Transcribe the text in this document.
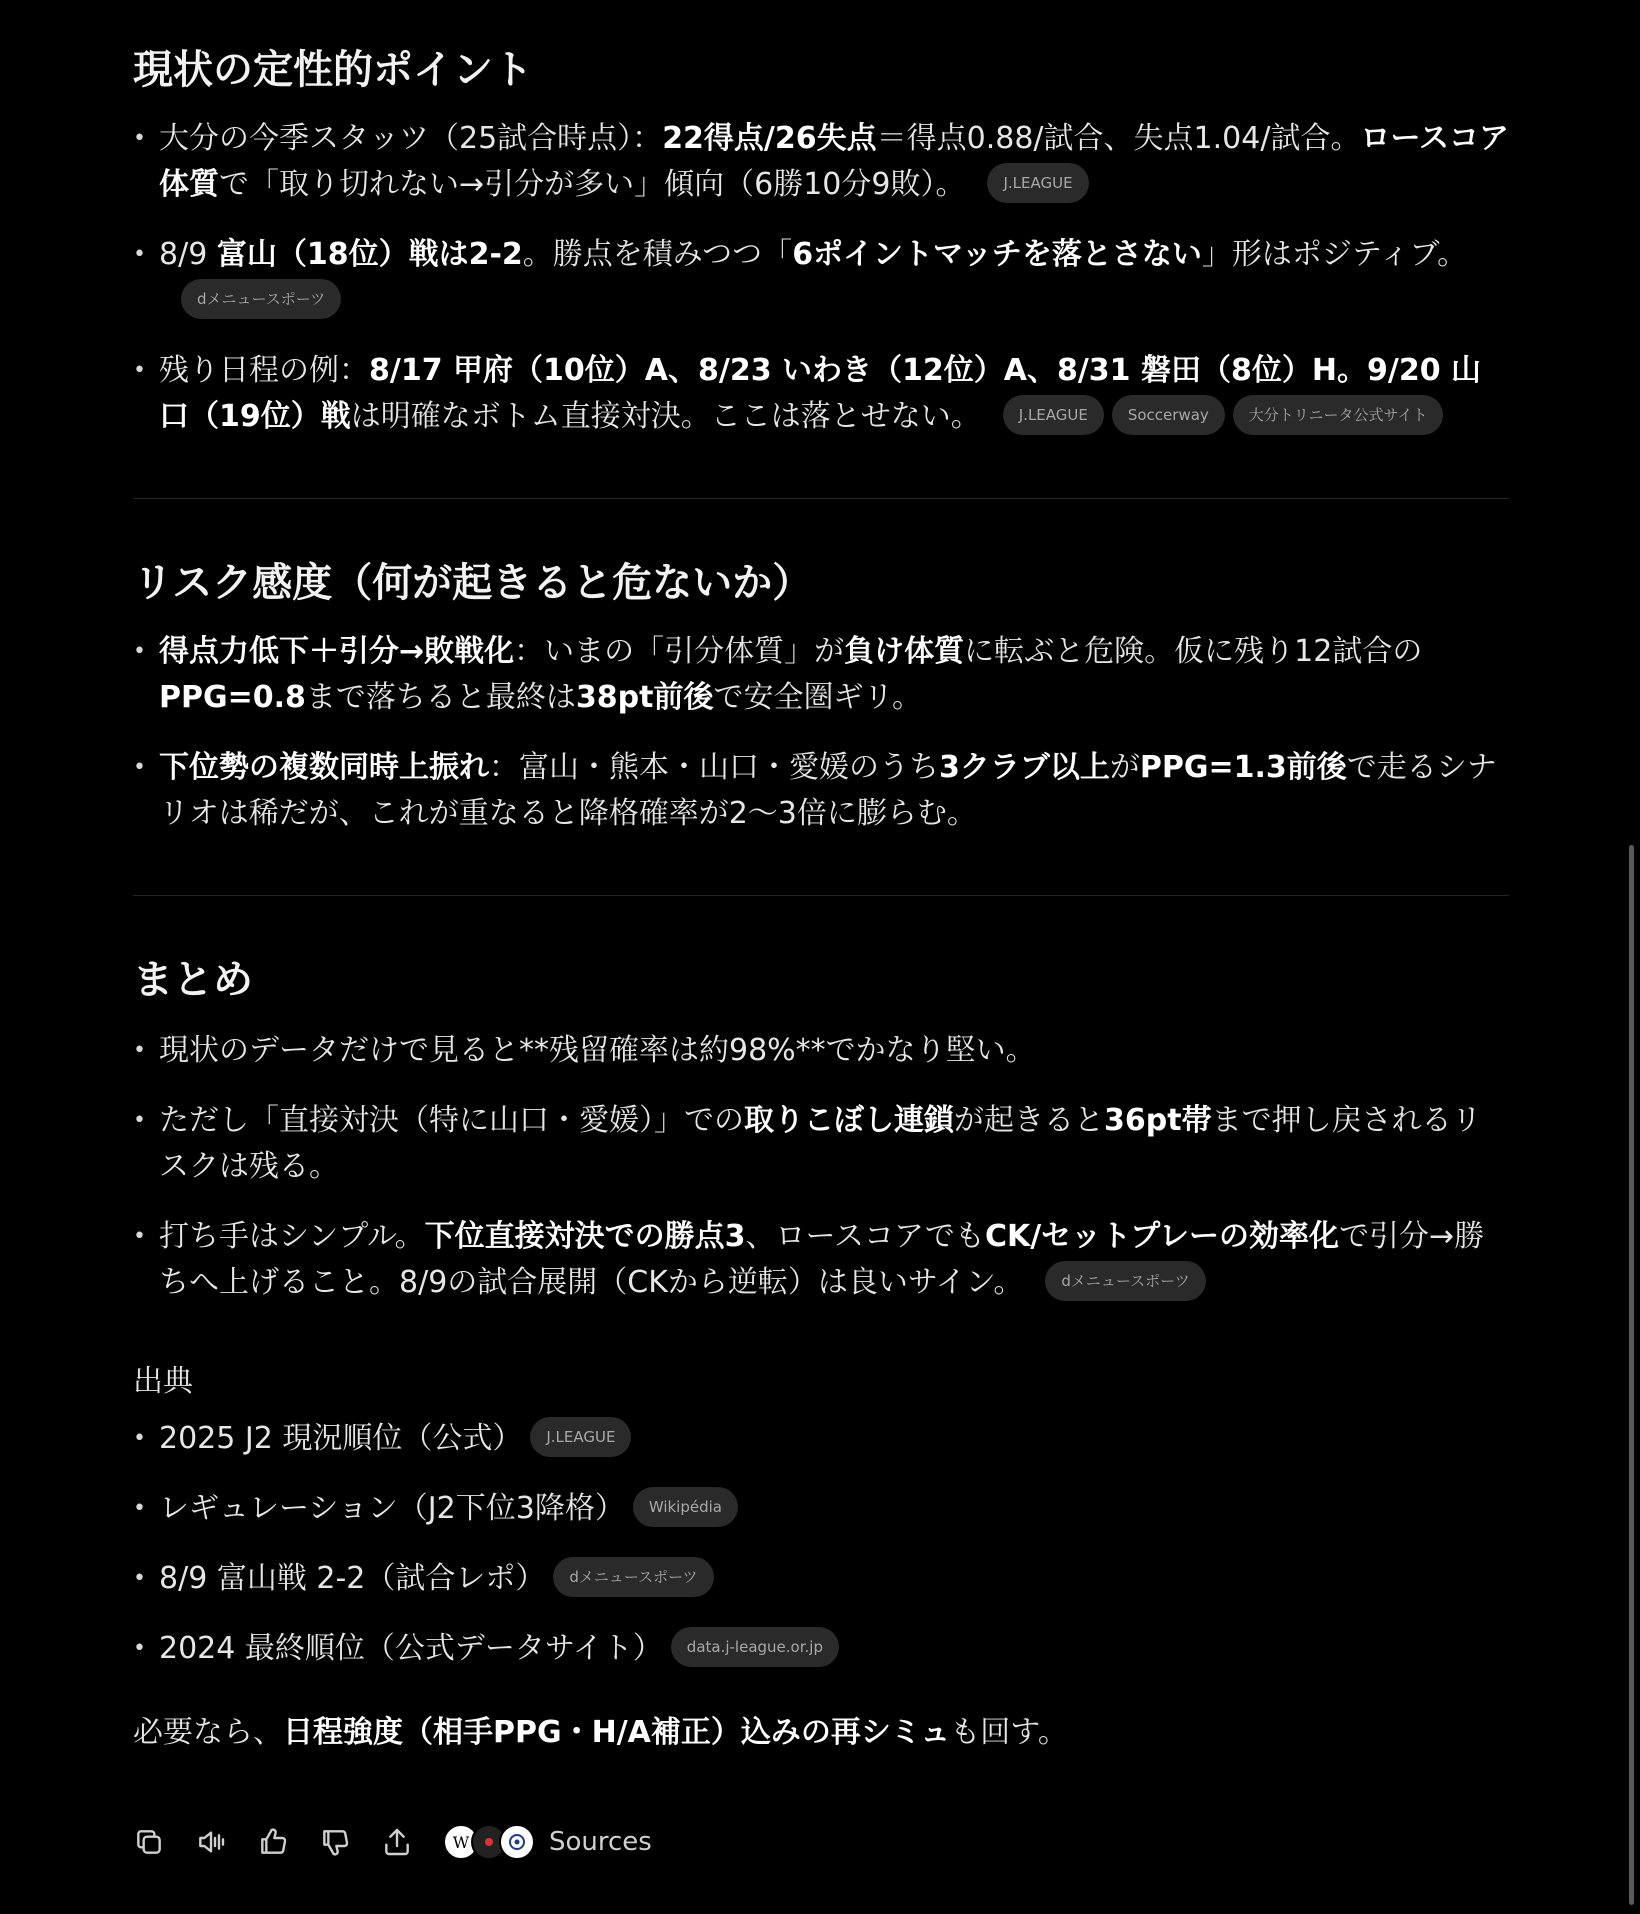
現状の定性的ポイント
• 大分の今季スタッツ（25試合時点）：22得点/26失点＝得点0.88/試合、失点1.04/試合。ロースコア体質で「取り切れない→引分が多い」傾向（6勝10分9敗）。	J.LEAGUE
• 8/9 富山（18位）戦は2-2。勝点を積みつつ「6ポイントマッチを落とさない」形はポジティブ。dメニュースポーツ
• 残り日程の例：8/17 甲府（10位）A、8/23 いわき（12位）A、8/31 磐田（8位）H。9/20 山口（19位）戦は明確なボトム直接対決。ここは落とせない。	J.LEAGUE	Soccerway	大分トリニータ公式サイト
リスク感度（何が起きると危ないか）
• 得点力低下＋引分→敗戦化：いまの「引分体質」が負け体質に転ぶと危険。仮に残り12試合のPPG=0.8まで落ちると最終は38pt前後で安全圏ギリ。
• 下位勢の複数同時上振れ：富山・熊本・山口・愛媛のうち3クラブ以上がPPG=1.3前後で走るシナリオは稀だが、これが重なると降格確率が2〜3倍に膨らむ。
まとめ
• 現状のデータだけで見ると**残留確率は約98%**でかなり堅い。
• ただし「直接対決（特に山口・愛媛）」での取りこぼし連鎖が起きると36pt帯まで押し戻されるリスクは残る。
• 打ち手はシンプル。下位直接対決での勝点3、ロースコアでもCK/セットプレーの効率化で引分→勝ちへ上げること。8/9の試合展開（CKから逆転）は良いサイン。	dメニュースポーツ
出典
• 2025 J2 現況順位（公式） J.LEAGUE
• レギュレーション（J2下位3降格） Wikipédia
• 8/9 富山戦 2-2（試合レポ） dメニュースポーツ
• 2024 最終順位（公式データサイト） data.j-league.or.jp
必要なら、日程強度（相手PPG・H/A補正）込みの再シミュも回す。
W	Sources
